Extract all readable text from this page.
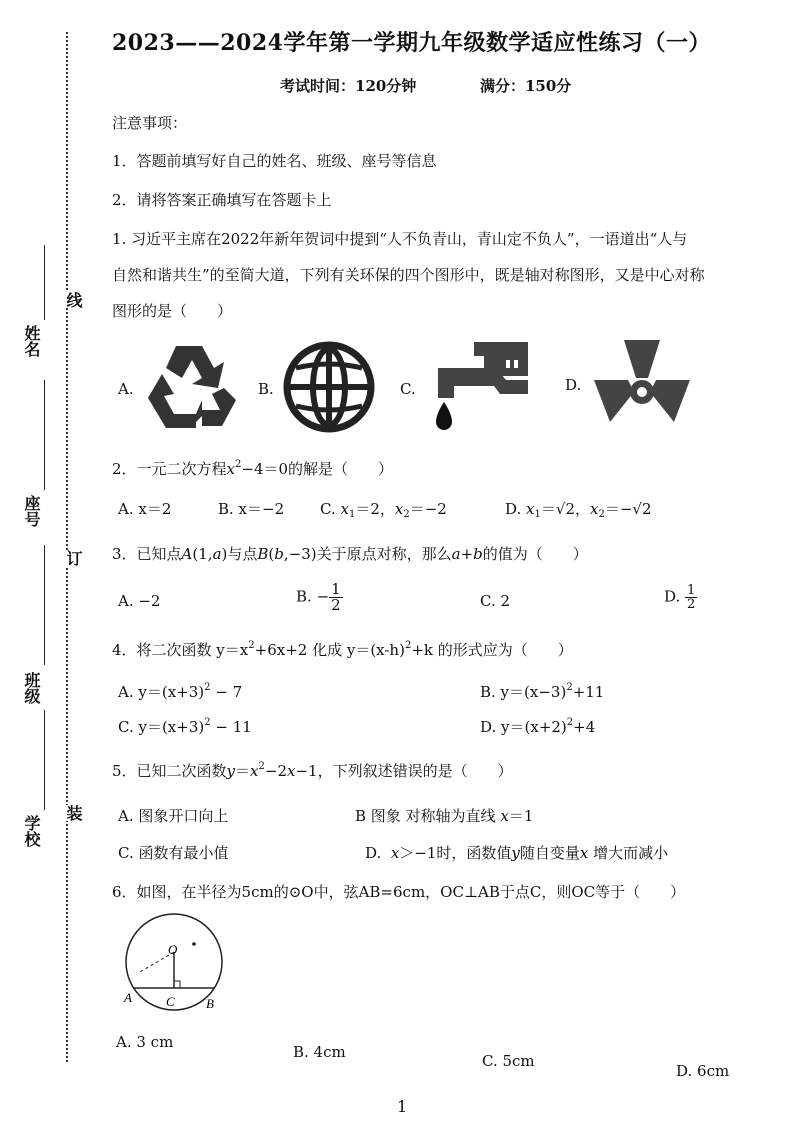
姓名
座号
班级
学校
线
订
装
2023——2024学年第一学期九年级数学适应性练习（一）
考试时间：120分钟	满分：150分
注意事项：
1．答题前填写好自己的姓名、班级、座号等信息
2．请将答案正确填写在答题卡上
1. 习近平主席在2022年新年贺词中提到“人不负青山，青山定不负人”，一语道出“人与
自然和谐共生”的至简大道，下列有关环保的四个图形中，既是轴对称图形，又是中心对称
图形的是（　　）
A.	B.	C.	D.
2．一元二次方程$x^2-4=0$的解是（　　）
A. x＝2	B. x＝−2 C. $x_1=2$，$x_2=-2$	D. $x_1=√2$，$x_2=-√2$
3．已知点A(1,a)与点B(b,−3)关于原点对称，那么a+b的值为（　　）
A. −2	B. − $\frac{1}{2}$	C. 2	D. $\frac{1}{2}$
4．将二次函数 $y=x^2+6x+2$ 化成 $y=(x-h)^2+k$ 的形式应为（　　）
A. $y=(x+3)^2 - 7$	B. $y=(x-3)^2+11$
C. $y=(x+3)^2 - 11$	D. $y=(x+2)^2+4$
5．已知二次函数$y=x^2-2x-1$，下列叙述错误的是（　　）
A. 图象开口向上	B 图象 对称轴为直线 x＝1
C. 函数有最小值	D. x＞−1时，函数值y随自变量x 增大而减小
6．如图，在半径为5cm的⊙O中，弦AB=6cm，OC⊥AB于点C，则OC等于（　　）
O
A	C B
A. 3 cm
B. 4cm	C. 5cm
D. 6cm
1
